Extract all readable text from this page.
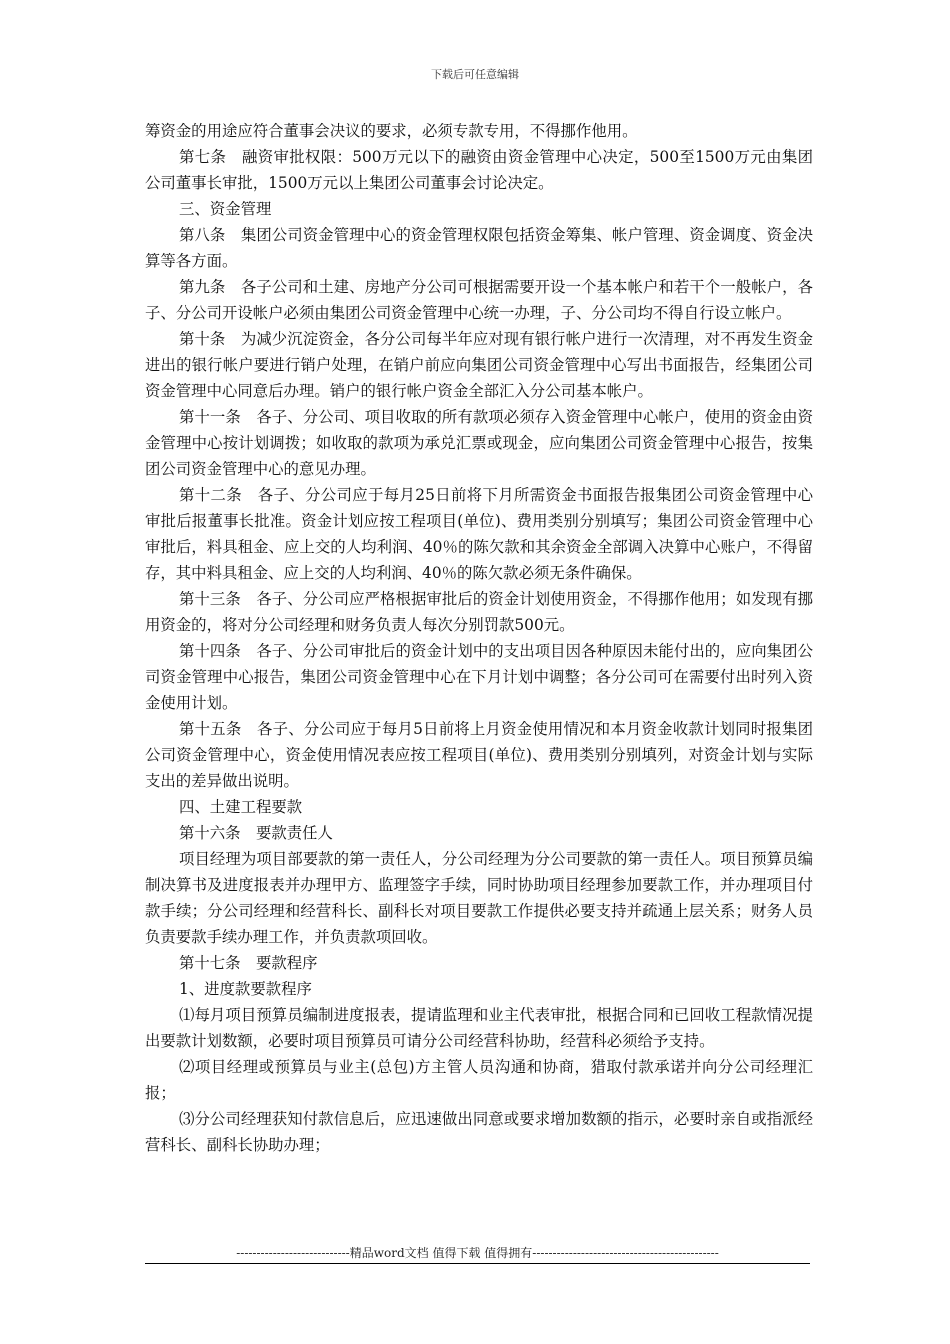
下载后可任意编辑

筹资金的用途应符合董事会决议的要求，必须专款专用，不得挪作他用。

第七条　融资审批权限：500万元以下的融资由资金管理中心决定，500至1500万元由集团公司董事长审批，1500万元以上集团公司董事会讨论决定。

三、资金管理

第八条　集团公司资金管理中心的资金管理权限包括资金筹集、帐户管理、资金调度、资金决算等各方面。

第九条　各子公司和土建、房地产分公司可根据需要开设一个基本帐户和若干个一般帐户，各子、分公司开设帐户必须由集团公司资金管理中心统一办理，子、分公司均不得自行设立帐户。

第十条　为减少沉淀资金，各分公司每半年应对现有银行帐户进行一次清理，对不再发生资金进出的银行帐户要进行销户处理，在销户前应向集团公司资金管理中心写出书面报告，经集团公司资金管理中心同意后办理。销户的银行帐户资金全部汇入分公司基本帐户。

第十一条　各子、分公司、项目收取的所有款项必须存入资金管理中心帐户，使用的资金由资金管理中心按计划调拨；如收取的款项为承兑汇票或现金，应向集团公司资金管理中心报告，按集团公司资金管理中心的意见办理。

第十二条　各子、分公司应于每月25日前将下月所需资金书面报告报集团公司资金管理中心审批后报董事长批准。资金计划应按工程项目(单位)、费用类别分别填写；集团公司资金管理中心审批后，料具租金、应上交的人均利润、40％的陈欠款和其余资金全部调入决算中心账户，不得留存，其中料具租金、应上交的人均利润、40％的陈欠款必须无条件确保。

第十三条　各子、分公司应严格根据审批后的资金计划使用资金，不得挪作他用；如发现有挪用资金的，将对分公司经理和财务负责人每次分别罚款500元。

第十四条　各子、分公司审批后的资金计划中的支出项目因各种原因未能付出的，应向集团公司资金管理中心报告，集团公司资金管理中心在下月计划中调整；各分公司可在需要付出时列入资金使用计划。

第十五条　各子、分公司应于每月5日前将上月资金使用情况和本月资金收款计划同时报集团公司资金管理中心，资金使用情况表应按工程项目(单位)、费用类别分别填列，对资金计划与实际支出的差异做出说明。

四、土建工程要款

第十六条　要款责任人

项目经理为项目部要款的第一责任人，分公司经理为分公司要款的第一责任人。项目预算员编制决算书及进度报表并办理甲方、监理签字手续，同时协助项目经理参加要款工作，并办理项目付款手续；分公司经理和经营科长、副科长对项目要款工作提供必要支持并疏通上层关系；财务人员负责要款手续办理工作，并负责款项回收。

第十七条　要款程序

1、进度款要款程序

⑴每月项目预算员编制进度报表，提请监理和业主代表审批，根据合同和已回收工程款情况提出要款计划数额，必要时项目预算员可请分公司经营科协助，经营科必须给予支持。

⑵项目经理或预算员与业主(总包)方主管人员沟通和协商，猎取付款承诺并向分公司经理汇报；

⑶分公司经理获知付款信息后，应迅速做出同意或要求增加数额的指示，必要时亲自或指派经营科长、副科长协助办理；

----------------------------精品word文档 值得下载 值得拥有----------------------------------------------
